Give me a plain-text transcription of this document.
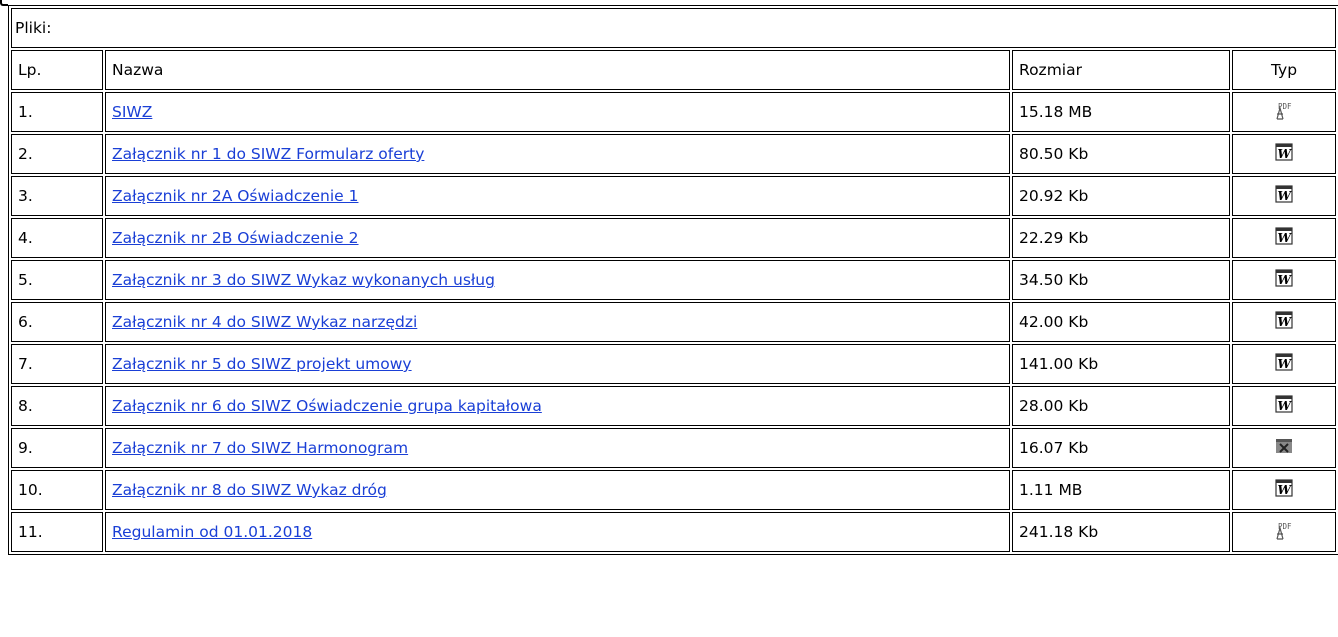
Pliki:			
Lp.	Nazwa	Rozmiar	Typ
1.	SIWZ	15.18 MB	PDF

2.	Załącznik nr 1 do SIWZ Formularz oferty	80.50 Kb	W

3.	Załącznik nr 2A Oświadczenie 1	20.92 Kb	W

4.	Załącznik nr 2B Oświadczenie 2	22.29 Kb	W

5.	Załącznik nr 3 do SIWZ Wykaz wykonanych usług	34.50 Kb	W

6.	Załącznik nr 4 do SIWZ Wykaz narzędzi	42.00 Kb	W

7.	Załącznik nr 5 do SIWZ projekt umowy	141.00 Kb	W

8.	Załącznik nr 6 do SIWZ Oświadczenie grupa kapitałowa	28.00 Kb	W

9.	Załącznik nr 7 do SIWZ Harmonogram	16.07 Kb	
10.	Załącznik nr 8 do SIWZ Wykaz dróg	1.11 MB	W

11.	Regulamin od 01.01.2018	241.18 Kb	PDF
